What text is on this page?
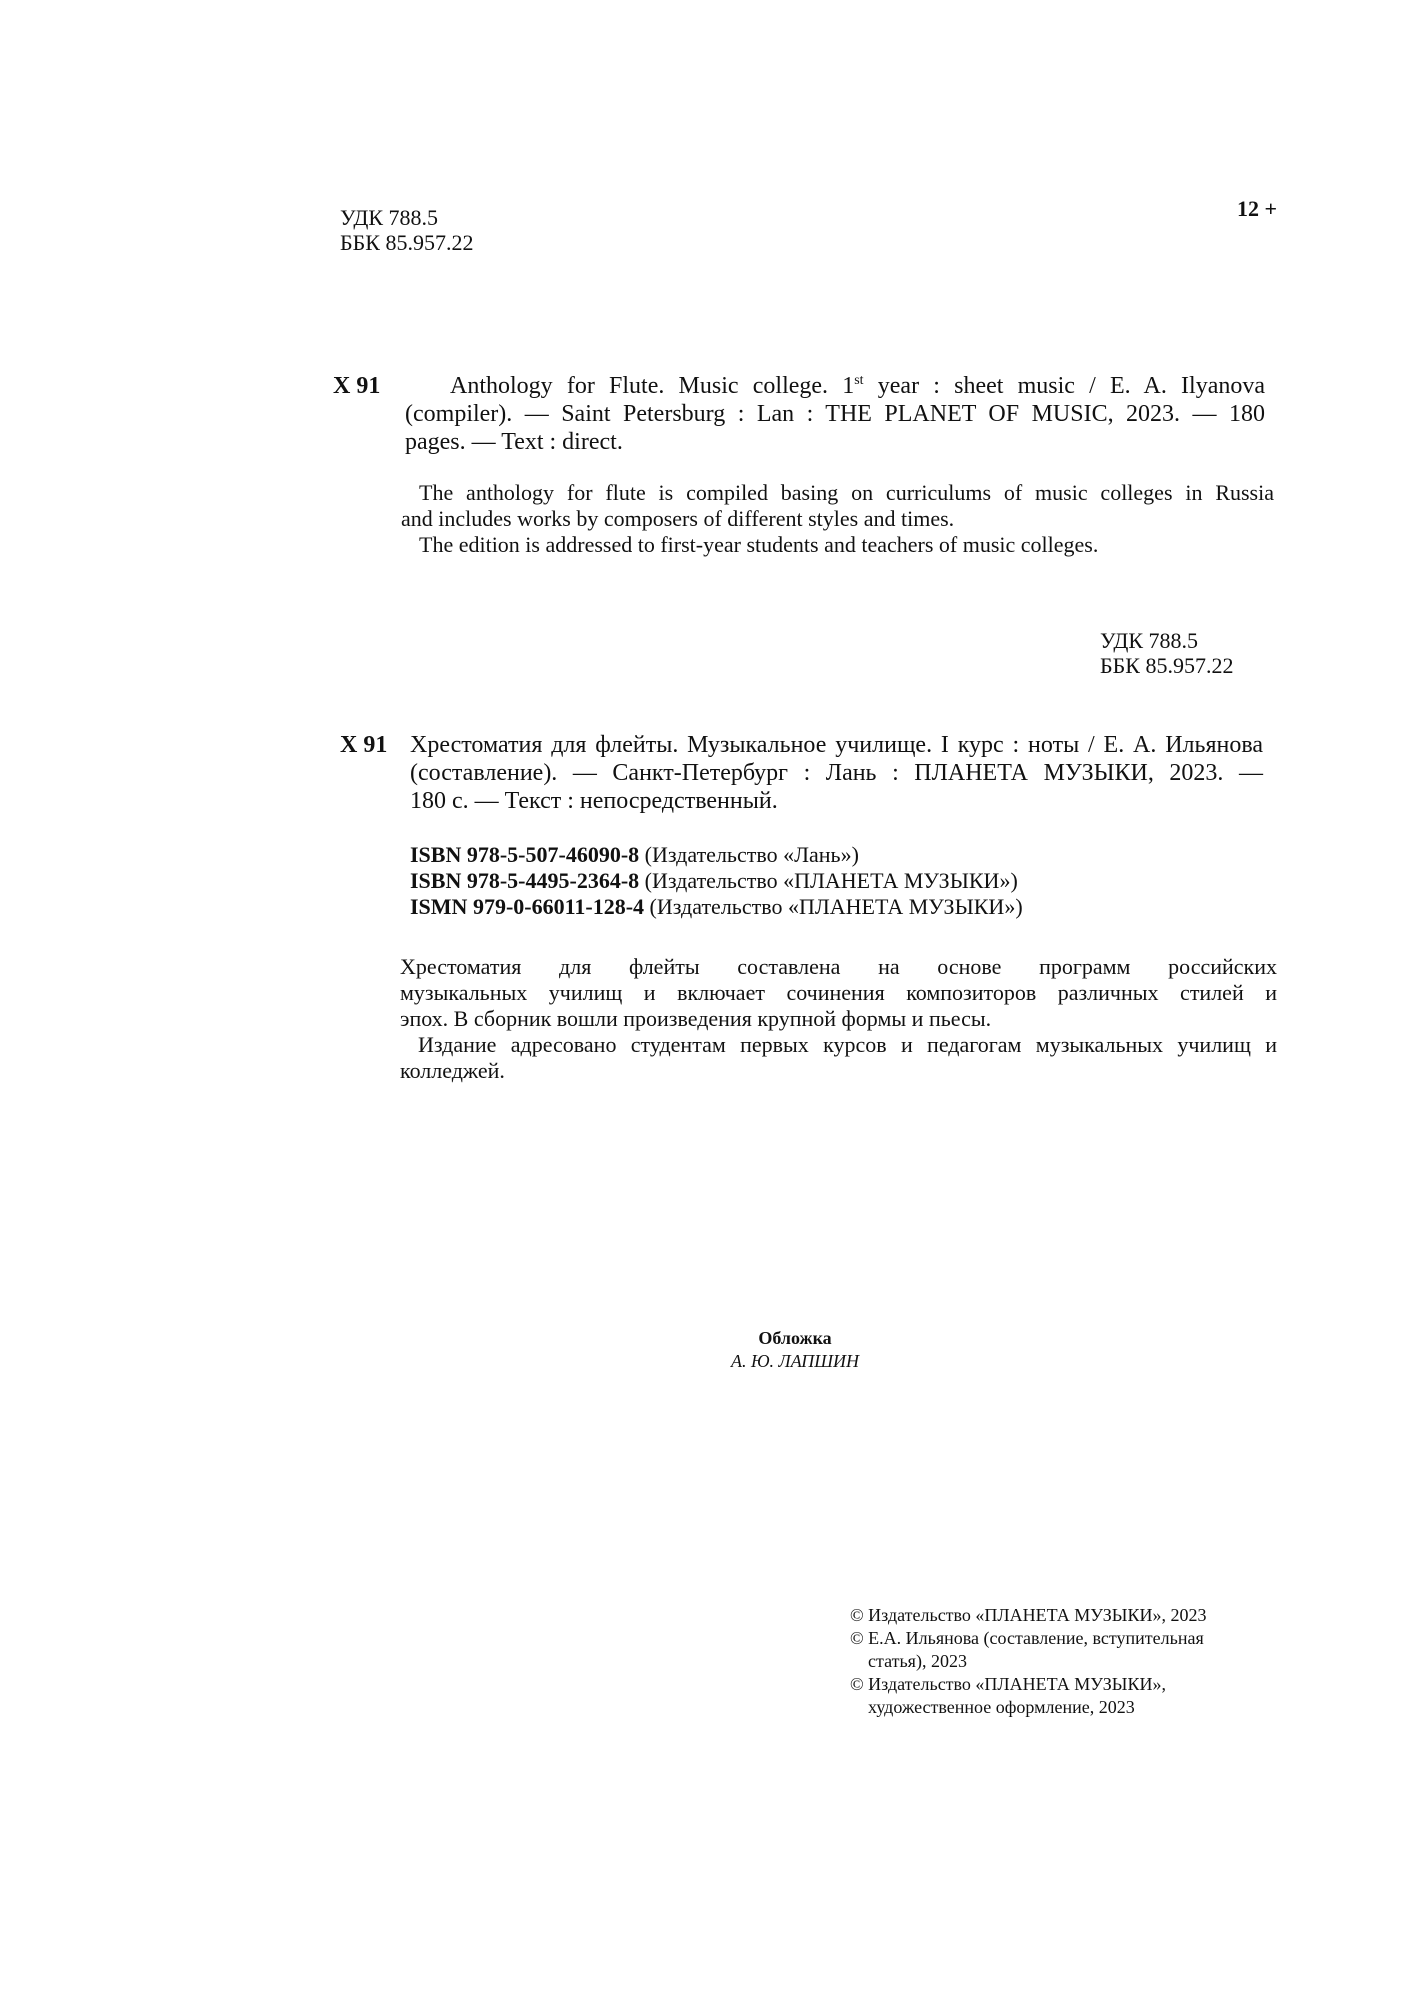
УДК 788.5
ББК 85.957.22
12 +
Х 91	Anthology for Flute. Music college. 1st year : sheet music / E. A. Ilyanova
(compiler). — Saint Petersburg : Lan : THE PLANET OF MUSIC, 2023. — 180
pages. — Text : direct.
The anthology for flute is compiled basing on curriculums of music colleges in Russia
and includes works by composers of different styles and times.
The edition is addressed to first-year students and teachers of music colleges.
УДК 788.5
ББК 85.957.22
Х 91 Хрестоматия для флейты. Музыкальное училище. I курс : ноты / Е. А. Ильянова
(составление). — Санкт-Петербург : Лань : ПЛАНЕТА МУЗЫКИ, 2023. —
180 с. — Текст : непосредственный.
ISBN 978-5-507-46090-8 (Издательство «Лань»)
ISBN 978-5-4495-2364-8 (Издательство «ПЛАНЕТА МУЗЫКИ»)
ISMN 979-0-66011-128-4 (Издательство «ПЛАНЕТА МУЗЫКИ»)
Хрестоматия для флейты составлена на основе программ российских
музыкальных училищ и включает сочинения композиторов различных стилей и
эпох. В сборник вошли произведения крупной формы и пьесы.
Издание адресовано студентам первых курсов и педагогам музыкальных училищ и
колледжей.
Обложка
А. Ю. ЛАПШИН
© Издательство «ПЛАНЕТА МУЗЫКИ», 2023
© Е.А. Ильянова (составление, вступительная
статья), 2023
© Издательство «ПЛАНЕТА МУЗЫКИ»,
художественное оформление, 2023
